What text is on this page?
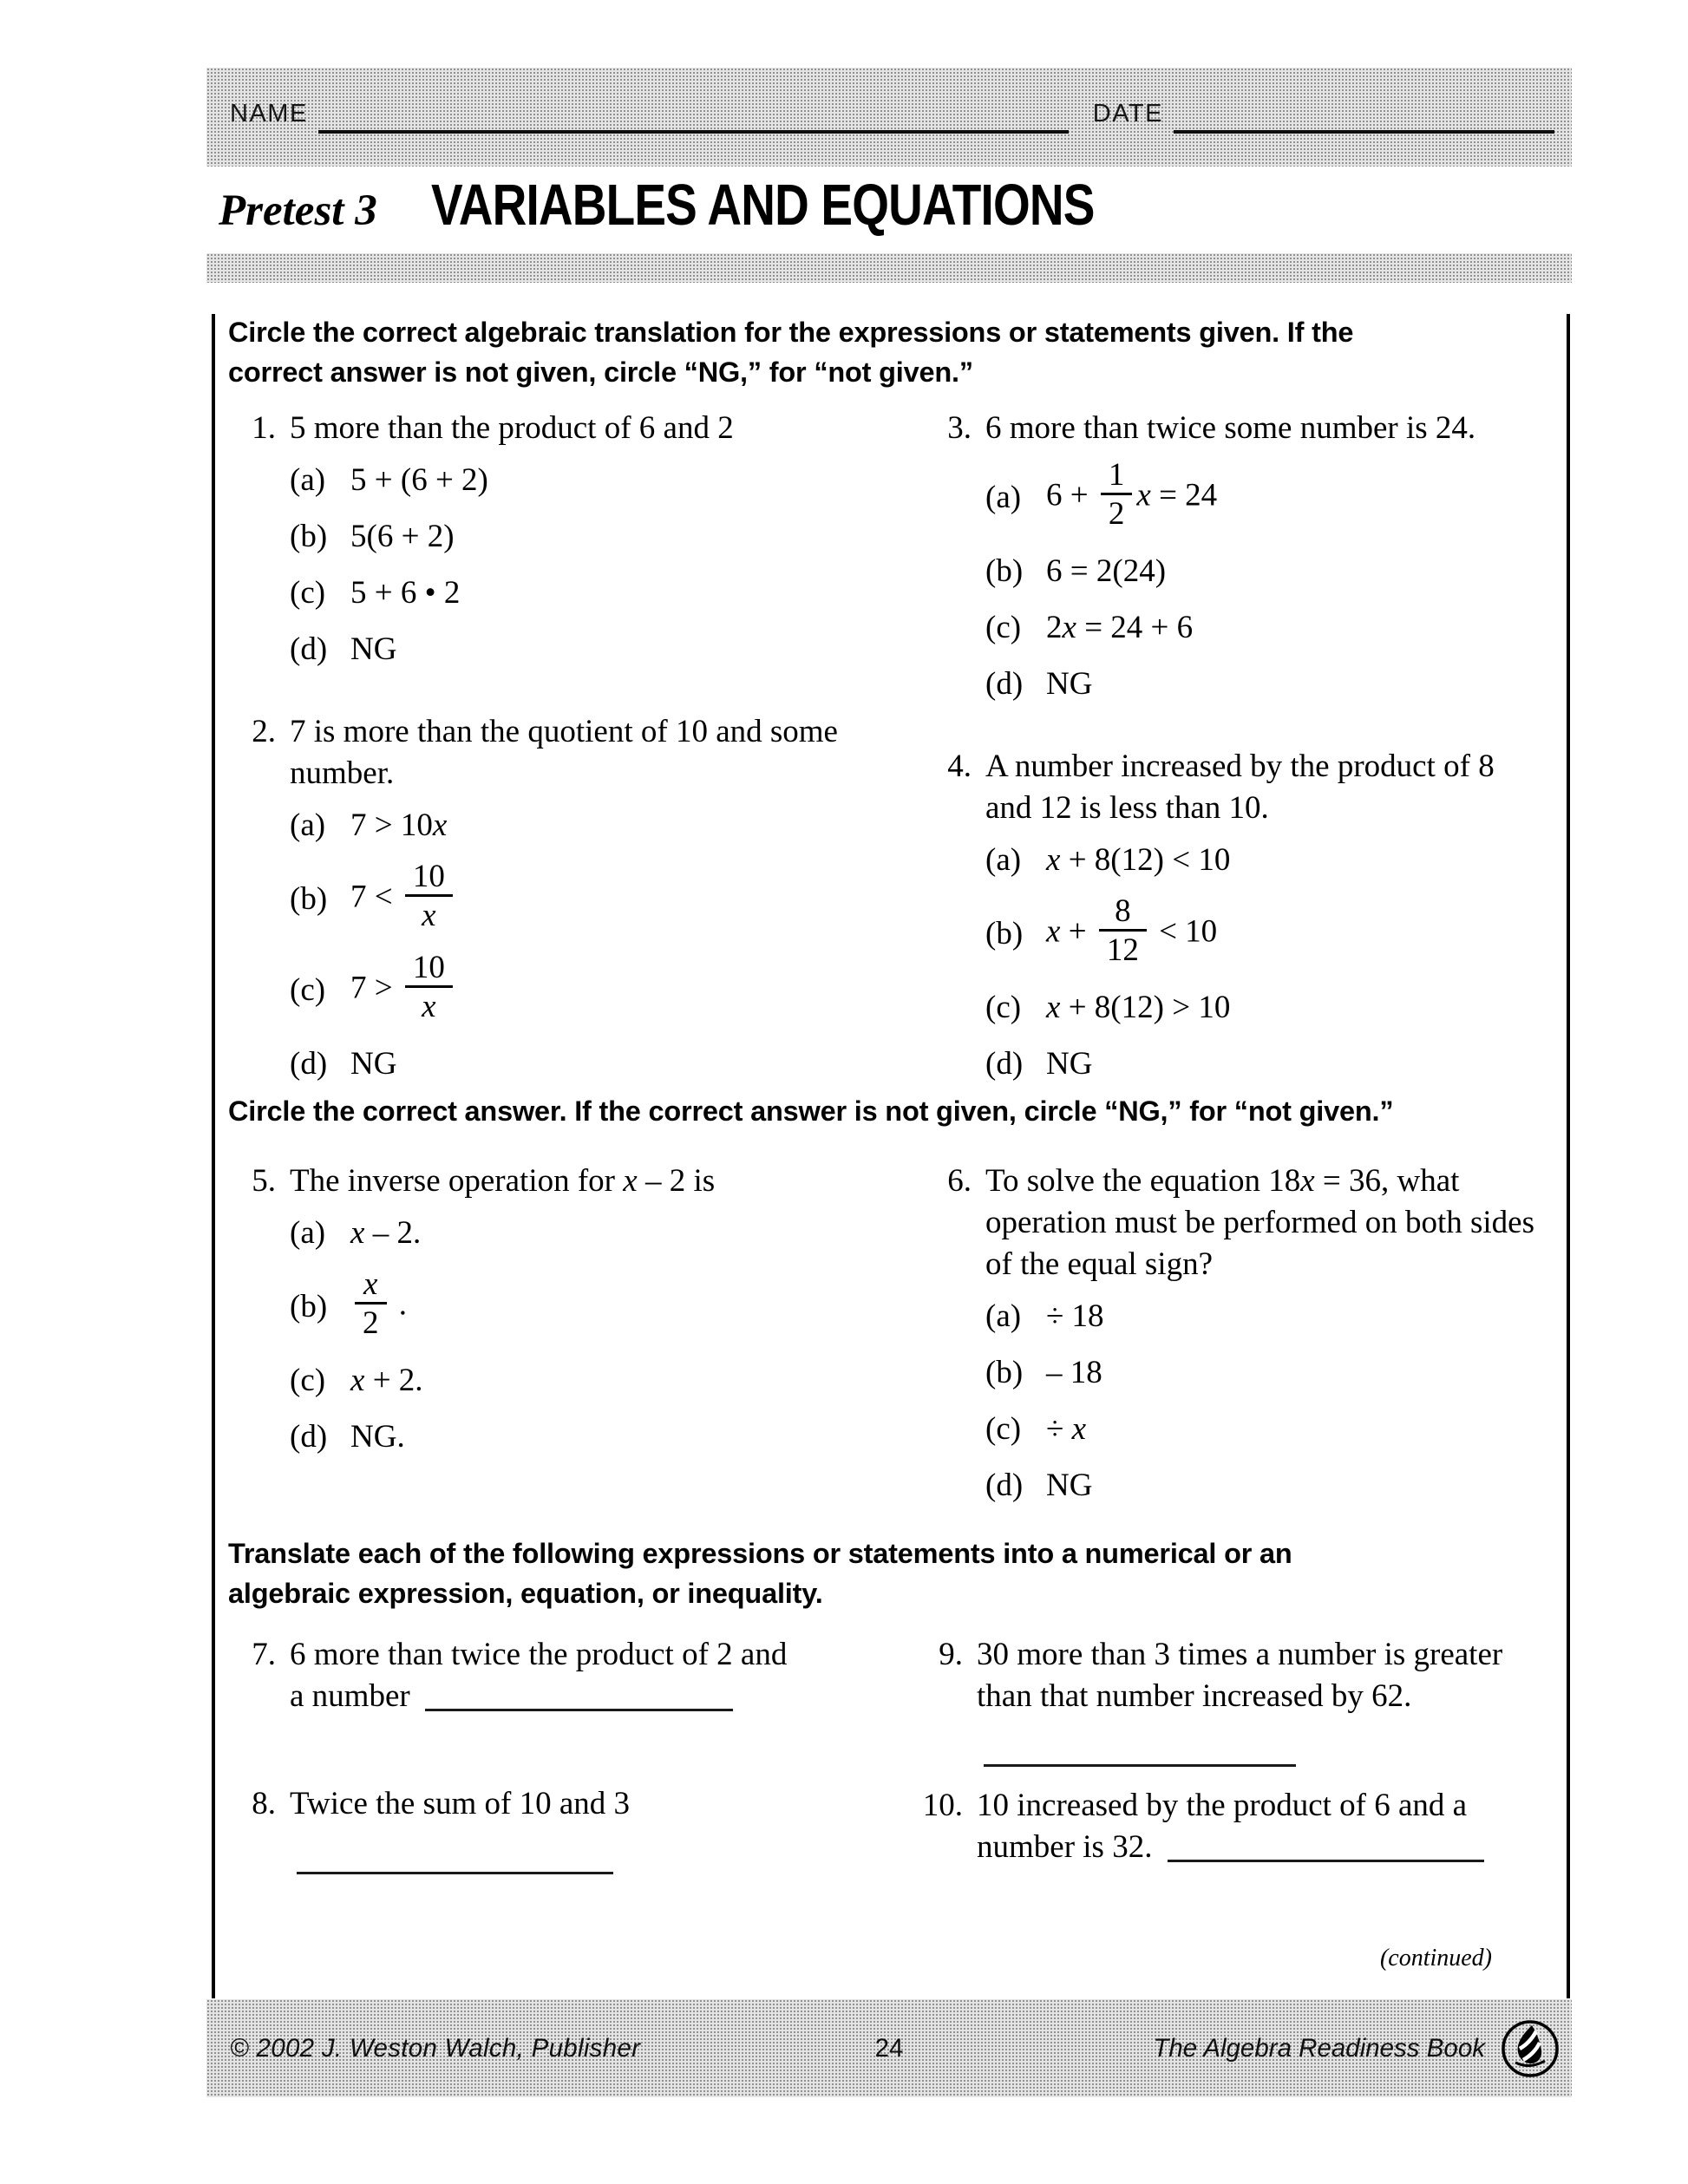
NAME	DATE
Pretest 3 VARIABLES AND EQUATIONS
Circle the correct algebraic translation for the expressions or statements given. If the
correct answer is not given, circle “NG,” for “not given.”
Circle the correct answer. If the correct answer is not given, circle “NG,” for “not given.”
Translate each of the following expressions or statements into a numerical or an
algebraic expression, equation, or inequality.
1. 5 more than the product of 6 and 2
(a) 5 + (6 + 2)
(b) 5(6 + 2)
(c) 5 + 6 • 2
(d) NG
2. 7 is more than the quotient of 10 and some
number.
(a) 7 > 10x
(b) $7 < \frac{10}{x}$
(c) $7 > \frac{10}{x}$
(d) NG
3. 6 more than twice some number is 24.
(a) $6 + \frac{1}{2}$ x = 24
(b) 6 = 2(24)
(c) 2x = 24 + 6
(d) NG
4. A number increased by the product of 8
and 12 is less than 10.
(a) x + 8(12) < 10
(b) $x + \frac{8}{12} < 10$
(c) x + 8(12) > 10
(d) NG
5. The inverse operation for x – 2 is
(a) x – 2.
$(b) \frac{x}{2}$ .
(c) x + 2.
(d) NG.
6. To solve the equation 18x = 36, what
operation must be performed on both sides
of the equal sign?
(a) ÷ 18
(b) – 18
(c) ÷ x
(d) NG
7. 6 more than twice the product of 2 and
a number
8. Twice the sum of 10 and 3
9. 30 more than 3 times a number is greater
than that number increased by 62.
10. 10 increased by the product of 6 and a
number is 32.
(continued)
© 2002 J. Weston Walch, Publisher	24	The Algebra Readiness Book
